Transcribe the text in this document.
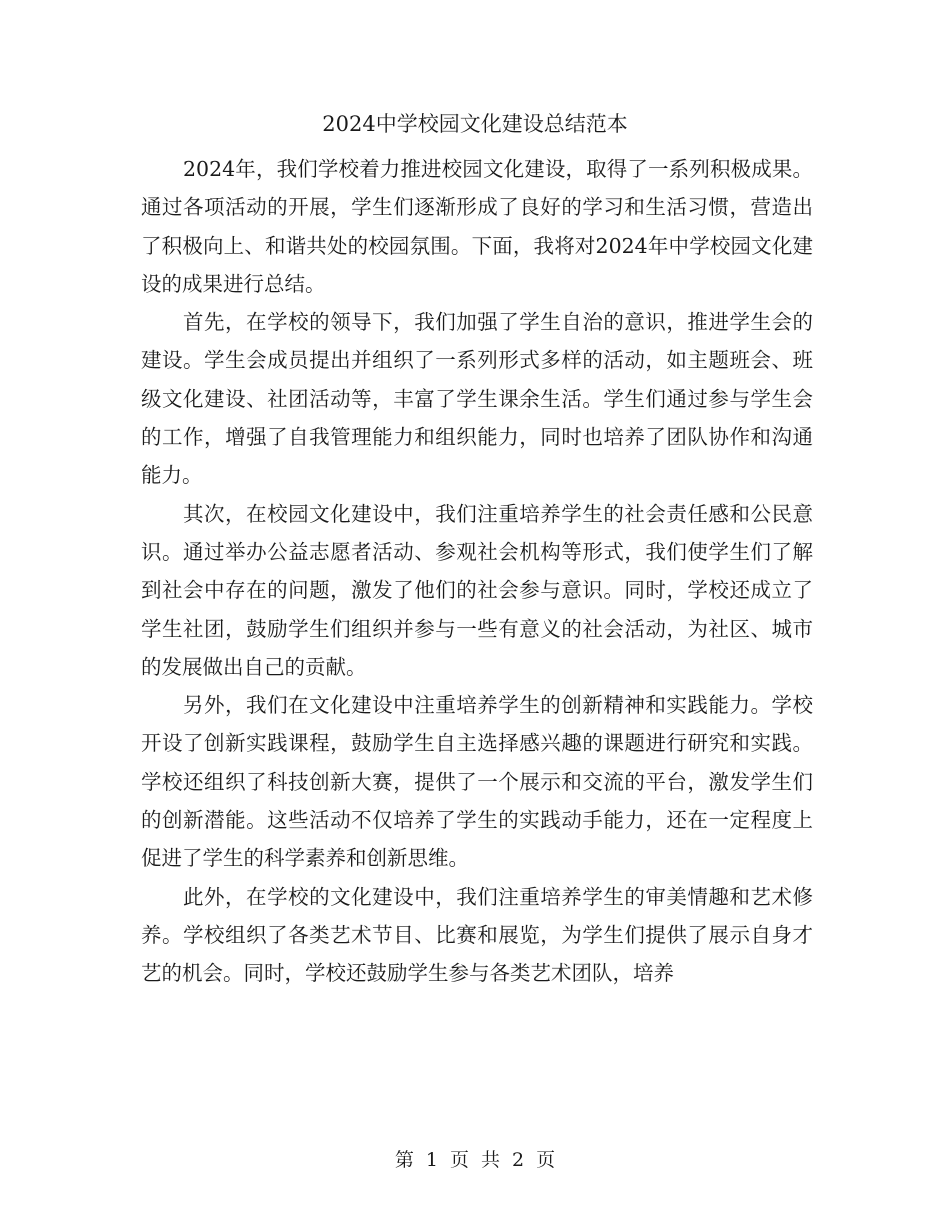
2024中学校园文化建设总结范本

2024年，我们学校着力推进校园文化建设，取得了一系列积极成果。通过各项活动的开展，学生们逐渐形成了良好的学习和生活习惯，营造出了积极向上、和谐共处的校园氛围。下面，我将对2024年中学校园文化建设的成果进行总结。

首先，在学校的领导下，我们加强了学生自治的意识，推进学生会的建设。学生会成员提出并组织了一系列形式多样的活动，如主题班会、班级文化建设、社团活动等，丰富了学生课余生活。学生们通过参与学生会的工作，增强了自我管理能力和组织能力，同时也培养了团队协作和沟通能力。

其次，在校园文化建设中，我们注重培养学生的社会责任感和公民意识。通过举办公益志愿者活动、参观社会机构等形式，我们使学生们了解到社会中存在的问题，激发了他们的社会参与意识。同时，学校还成立了学生社团，鼓励学生们组织并参与一些有意义的社会活动，为社区、城市的发展做出自己的贡献。

另外，我们在文化建设中注重培养学生的创新精神和实践能力。学校开设了创新实践课程，鼓励学生自主选择感兴趣的课题进行研究和实践。学校还组织了科技创新大赛，提供了一个展示和交流的平台，激发学生们的创新潜能。这些活动不仅培养了学生的实践动手能力，还在一定程度上促进了学生的科学素养和创新思维。

此外，在学校的文化建设中，我们注重培养学生的审美情趣和艺术修养。学校组织了各类艺术节目、比赛和展览，为学生们提供了展示自身才艺的机会。同时，学校还鼓励学生参与各类艺术团队，培养

第 1 页 共 2 页
